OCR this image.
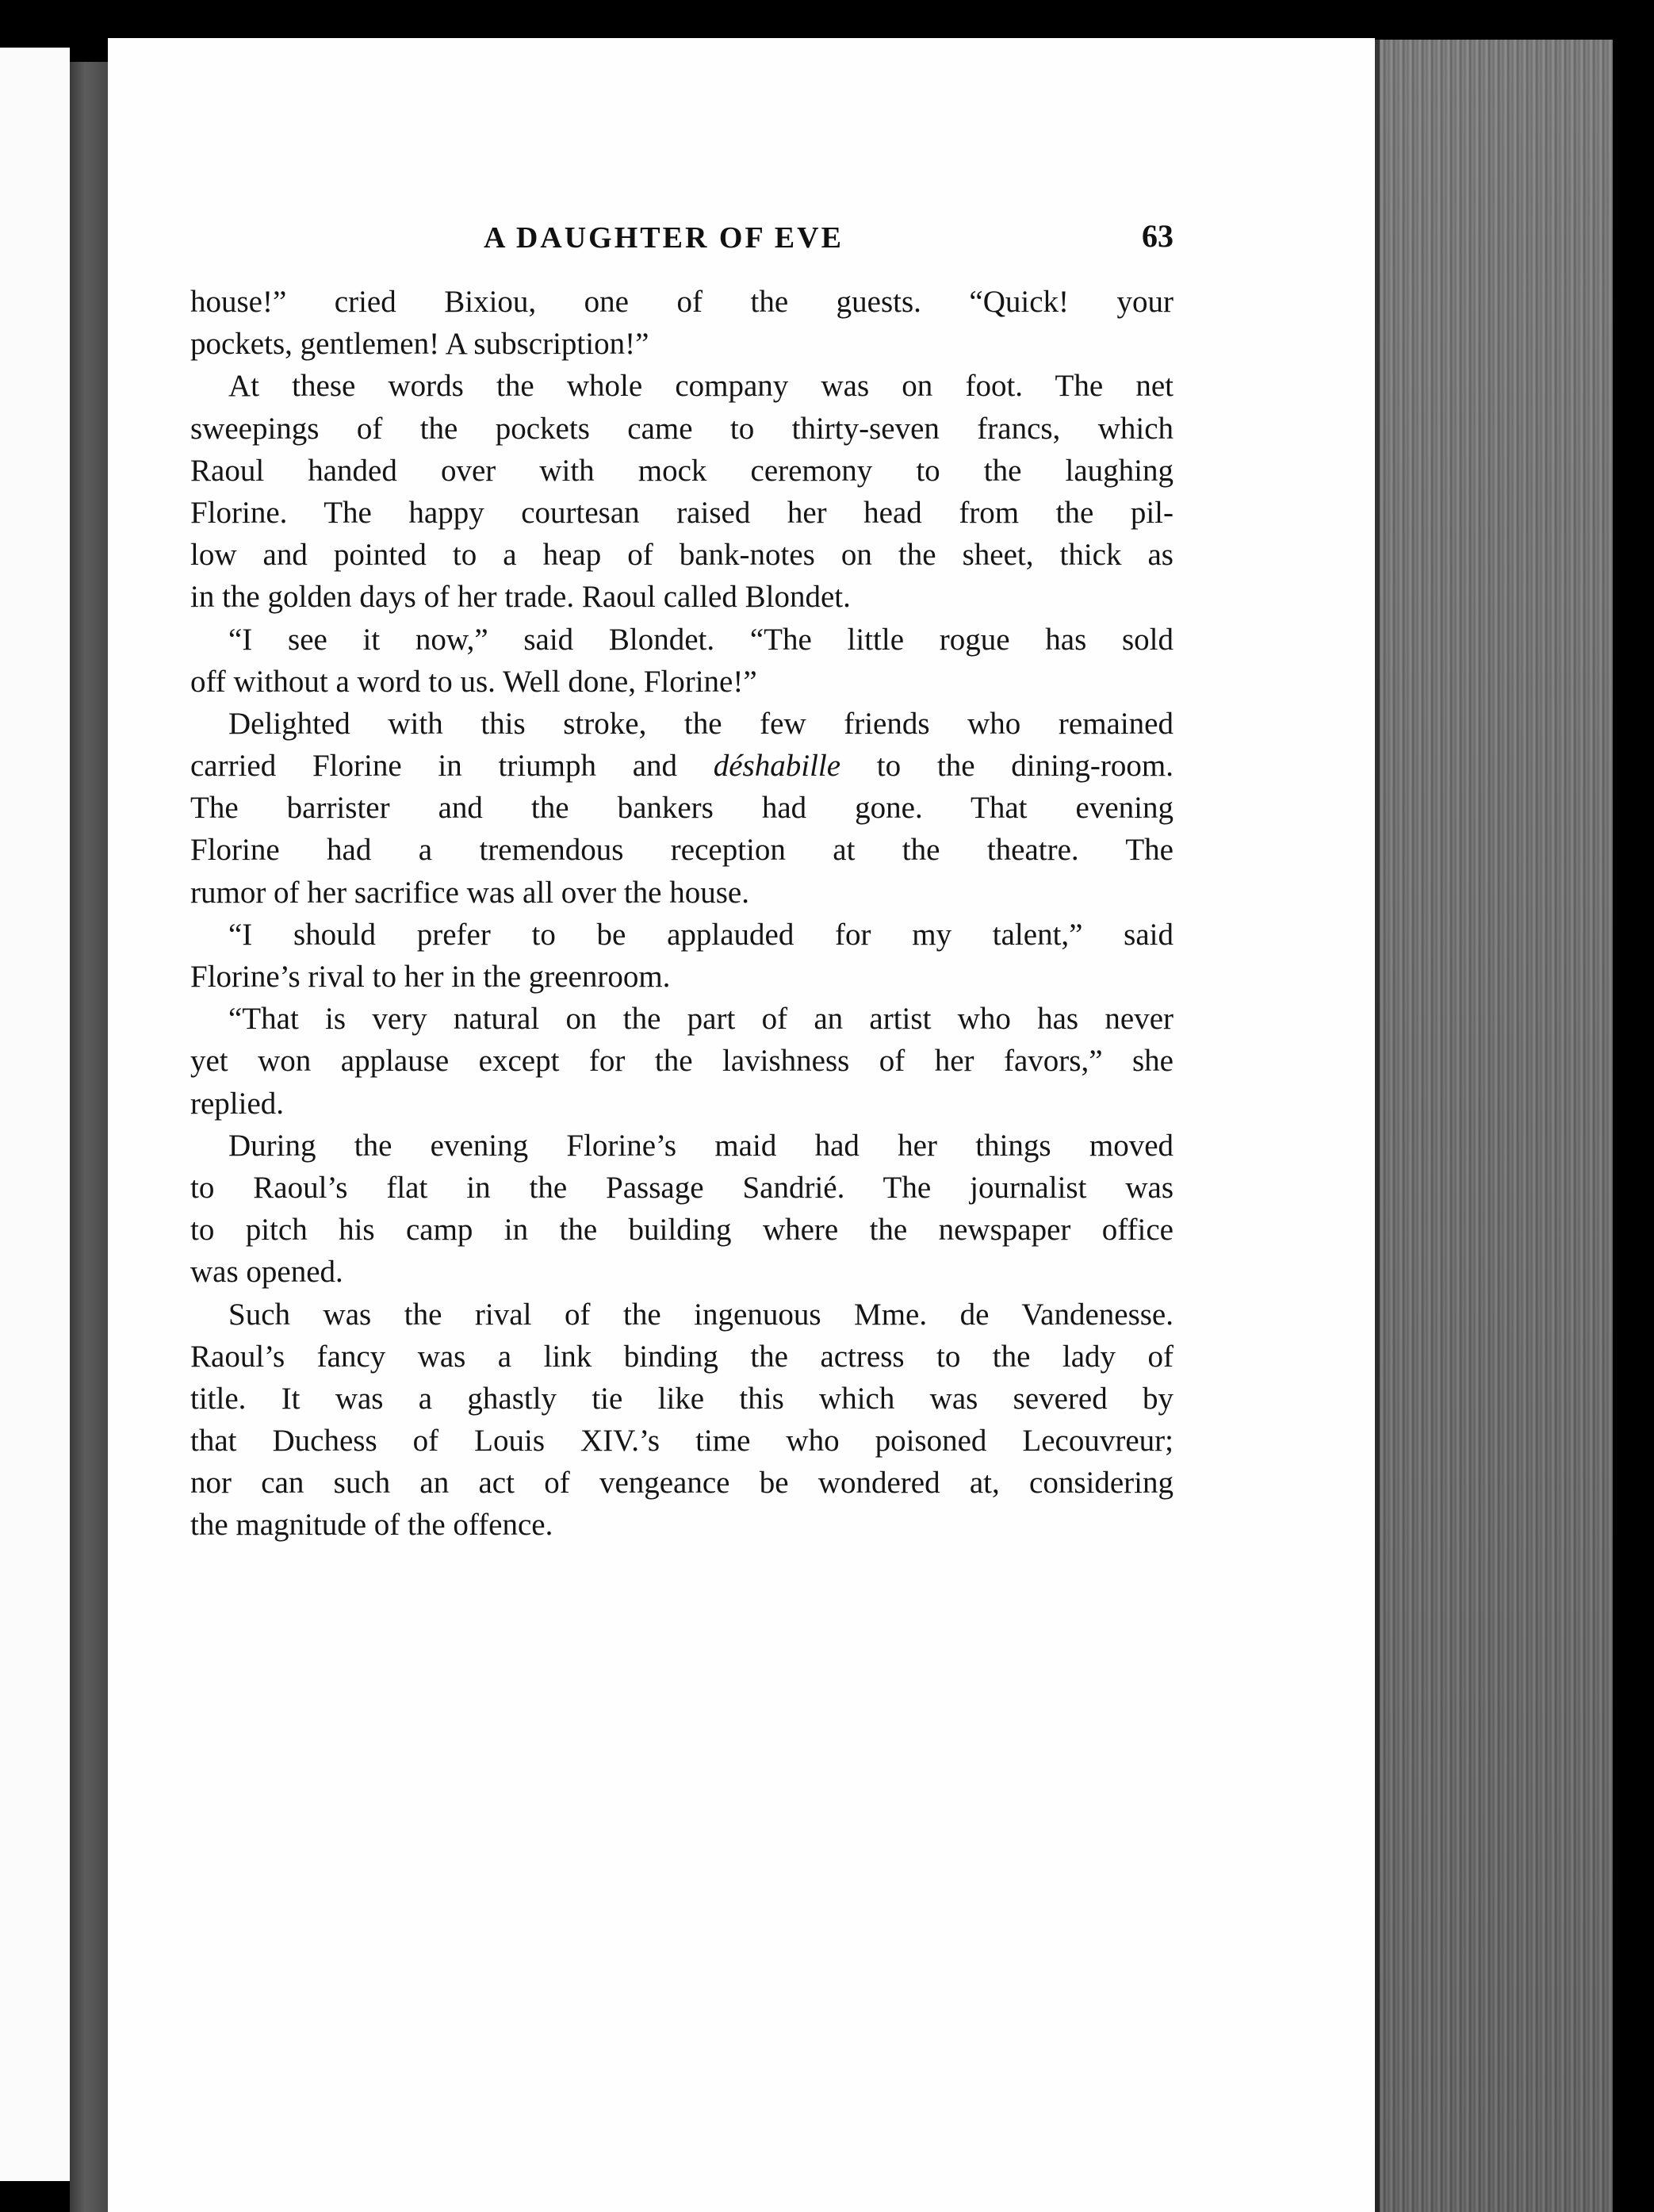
A DAUGHTER OF EVE	63
house!” cried Bixiou, one of the guests. “Quick! your
pockets, gentlemen! A subscription!”
At these words the whole company was on foot. The net
sweepings of the pockets came to thirty-seven francs, which
Raoul handed over with mock ceremony to the laughing
Florine. The happy courtesan raised her head from the pil-
low and pointed to a heap of bank-notes on the sheet, thick as
in the golden days of her trade. Raoul called Blondet.
“I see it now,” said Blondet. “The little rogue has sold
off without a word to us. Well done, Florine!”
Delighted with this stroke, the few friends who remained
carried Florine in triumph and déshabille to the dining-room.
The barrister and the bankers had gone. That evening
Florine had a tremendous reception at the theatre. The
rumor of her sacrifice was all over the house.
“I should prefer to be applauded for my talent,” said
Florine’s rival to her in the greenroom.
“That is very natural on the part of an artist who has never
yet won applause except for the lavishness of her favors,” she
replied.
During the evening Florine’s maid had her things moved
to Raoul’s flat in the Passage Sandrié. The journalist was
to pitch his camp in the building where the newspaper office
was opened.
Such was the rival of the ingenuous Mme. de Vandenesse.
Raoul’s fancy was a link binding the actress to the lady of
title. It was a ghastly tie like this which was severed by
that Duchess of Louis XIV.’s time who poisoned Lecouvreur;
nor can such an act of vengeance be wondered at, considering
the magnitude of the offence.
